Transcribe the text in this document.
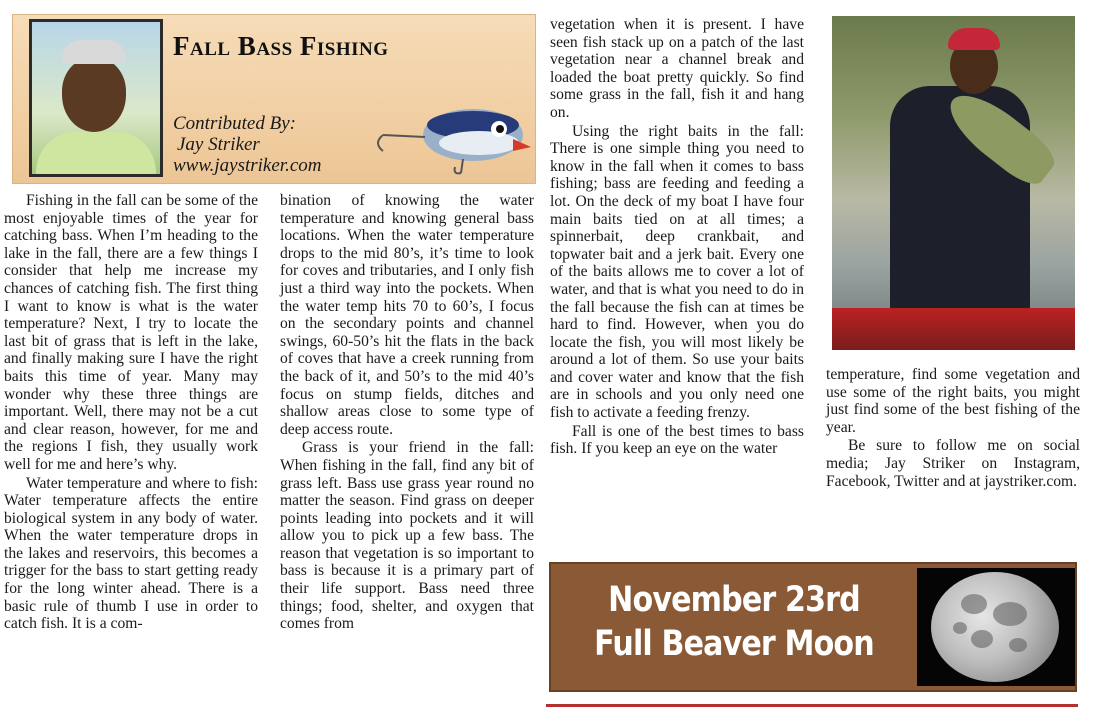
Fall Bass Fishing
Contributed By:
Jay Striker
www.jaystriker.com

Fishing in the fall can be some of the most enjoyable times of the year for catching bass. When I’m heading to the lake in the fall, there are a few things I consider that help me increase my chances of catching fish. The first thing I want to know is what is the water temperature? Next, I try to locate the last bit of grass that is left in the lake, and finally making sure I have the right baits this time of year. Many may wonder why these three things are important. Well, there may not be a cut and clear reason, however, for me and the regions I fish, they usually work well for me and here’s why.

Water temperature and where to fish: Water temperature affects the entire biological system in any body of water. When the water temperature drops in the lakes and reservoirs, this becomes a trigger for the bass to start getting ready for the long winter ahead. There is a basic rule of thumb I use in order to catch fish. It is a com-

bination of knowing the water temperature and knowing general bass locations. When the water temperature drops to the mid 80’s, it’s time to look for coves and tributaries, and I only fish just a third way into the pockets. When the water temp hits 70 to 60’s, I focus on the secondary points and channel swings, 60-50’s hit the flats in the back of coves that have a creek running from the back of it, and 50’s to the mid 40’s focus on stump fields, ditches and shallow areas close to some type of deep access route.

Grass is your friend in the fall: When fishing in the fall, find any bit of grass left. Bass use grass year round no matter the season. Find grass on deeper points leading into pockets and it will allow you to pick up a few bass. The reason that vegetation is so important to bass is because it is a primary part of their life support. Bass need three things; food, shelter, and oxygen that comes from

vegetation when it is present. I have seen fish stack up on a patch of the last vegetation near a channel break and loaded the boat pretty quickly. So find some grass in the fall, fish it and hang on.

Using the right baits in the fall: There is one simple thing you need to know in the fall when it comes to bass fishing; bass are feeding and feeding a lot. On the deck of my boat I have four main baits tied on at all times; a spinnerbait, deep crankbait, and topwater bait and a jerk bait. Every one of the baits allows me to cover a lot of water, and that is what you need to do in the fall because the fish can at times be hard to find. However, when you do locate the fish, you will most likely be around a lot of them. So use your baits and cover water and know that the fish are in schools and you only need one fish to activate a feeding frenzy.

Fall is one of the best times to bass fish. If you keep an eye on the water

temperature, find some vegetation and use some of the right baits, you might just find some of the best fishing of the year.

Be sure to follow me on social media; Jay Striker on Instagram, Facebook, Twitter and at jaystriker.com.

November 23rd
Full Beaver Moon
